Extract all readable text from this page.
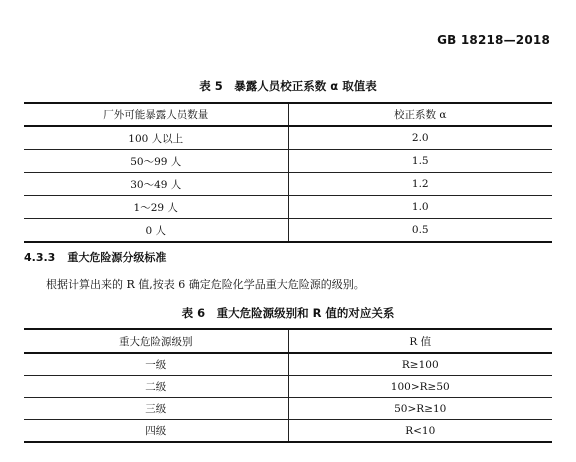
GB 18218—2018
表 5　暴露人员校正系数 α 取值表
厂外可能暴露人员数量	校正系数 α
100 人以上	2.0
50～99 人	1.5
30～49 人	1.2
1～29 人	1.0
0 人	0.5
4.3.3 重大危险源分级标准
根据计算出来的 R 值,按表 6 确定危险化学品重大危险源的级别。
表 6　重大危险源级别和 R 值的对应关系
重大危险源级别	R 值
一级	R≥100
二级	100>R≥50
三级	50>R≥10
四级	R<10
